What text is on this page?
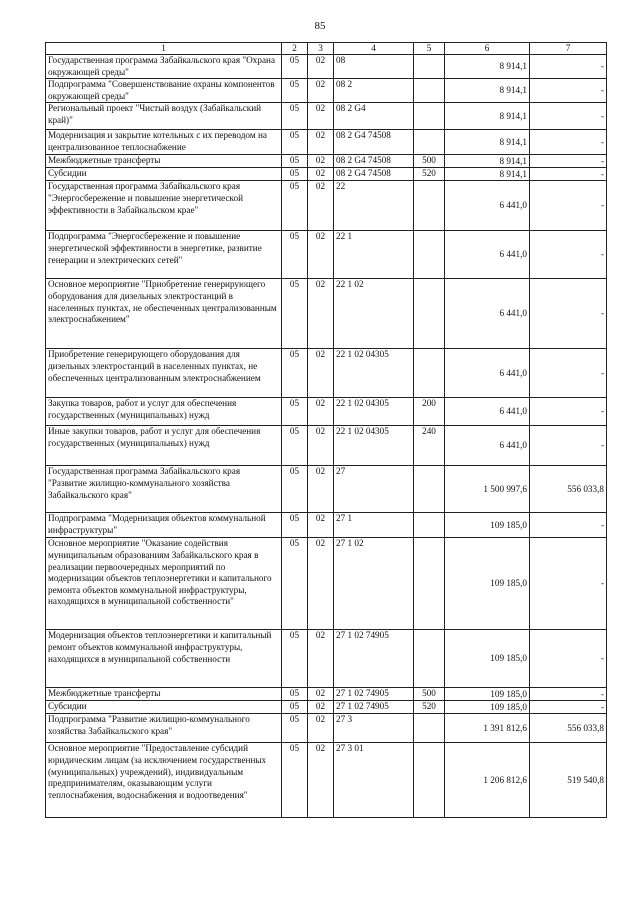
85
1	2	3	4	5	6	7
Государственная программа Забайкальского края "Охрана окружающей среды"	05	02	08		8 914,1	-
Подпрограмма "Совершенствование охраны компонентов окружающей среды"	05	02	08 2		8 914,1	-
Региональный проект "Чистый воздух (Забайкальский край)"	05	02	08 2 G4		8 914,1	-
Модернизация и закрытие котельных с их переводом на централизованное теплоснабжение	05	02	08 2 G4 74508		8 914,1	-
Межбюджетные трансферты	05	02	08 2 G4 74508	500	8 914,1	-
Субсидии	05	02	08 2 G4 74508	520	8 914,1	-
Государственная программа Забайкальского края "Энергосбережение и повышение энергетической эффективности в Забайкальском крае"	05	02	22		6 441,0	-
Подпрограмма "Энергосбережение и повышение энергетической эффективности в энергетике, развитие генерации и электрических сетей"	05	02	22 1		6 441,0	-
Основное мероприятие "Приобретение генерирующего оборудования для дизельных электростанций в населенных пунктах, не обеспеченных централизованным электроснабжением"	05	02	22 1 02		6 441,0	-
Приобретение генерирующего оборудования для дизельных электростанций в населенных пунктах, не обеспеченных централизованным электроснабжением	05	02	22 1 02 04305		6 441,0	-
Закупка товаров, работ и услуг для обеспечения государственных (муниципальных) нужд	05	02	22 1 02 04305	200	6 441,0	-
Иные закупки товаров, работ и услуг для обеспечения государственных (муниципальных) нужд	05	02	22 1 02 04305	240	6 441,0	-
Государственная программа Забайкальского края "Развитие жилищно-коммунального хозяйства Забайкальского края"	05	02	27		1 500 997,6	556 033,8
Подпрограмма "Модернизация объектов коммунальной инфраструктуры"	05	02	27 1		109 185,0	-
Основное мероприятие "Оказание содействия муниципальным образованиям Забайкальского края в реализации первоочередных мероприятий по модернизации объектов теплоэнергетики и капитального ремонта объектов коммунальной инфраструктуры, находящихся в муниципальной собственности"	05	02	27 1 02		109 185,0	-
Модернизация объектов теплоэнергетики и капитальный ремонт объектов коммунальной инфраструктуры, находящихся в муниципальной собственности	05	02	27 1 02 74905		109 185,0	-
Межбюджетные трансферты	05	02	27 1 02 74905	500	109 185,0	-
Субсидии	05	02	27 1 02 74905	520	109 185,0	-
Подпрограмма "Развитие жилищно-коммунального хозяйства Забайкальского края"	05	02	27 3		1 391 812,6	556 033,8
Основное мероприятие "Предоставление субсидий юридическим лицам (за исключением государственных (муниципальных) учреждений), индивидуальным предпринимателям, оказывающим услуги теплоснабжения, водоснабжения и водоотведения"	05	02	27 3 01		1 206 812,6	519 540,8
